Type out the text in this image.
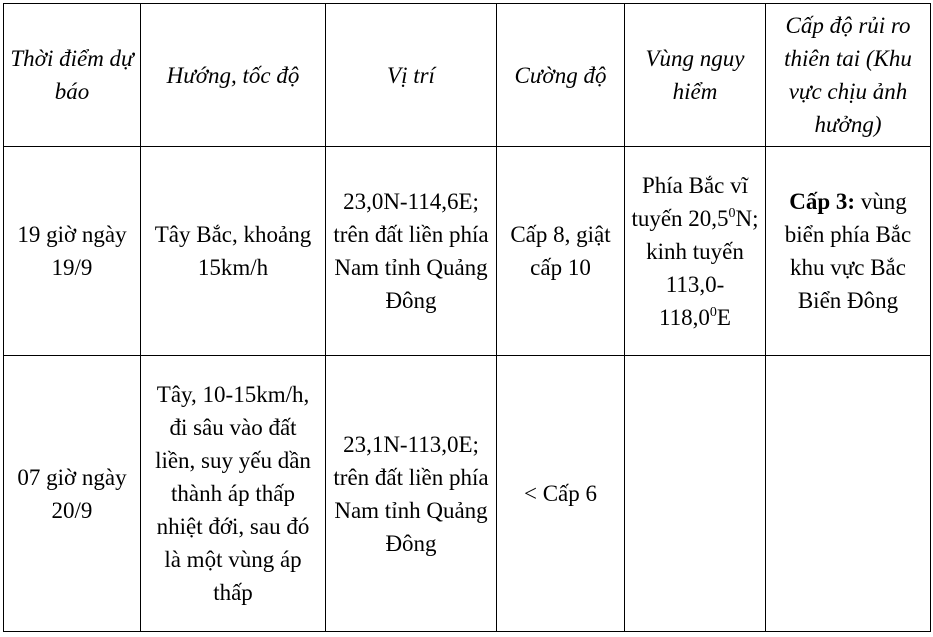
Thời điểm dự báo	Hướng, tốc độ	Vị trí	Cường độ	Vùng nguy hiểm	Cấp độ rủi ro thiên tai (Khu vực chịu ảnh hưởng)
19 giờ ngày 19/9	Tây Bắc, khoảng 15km/h	23,0N-114,6E; trên đất liền phía Nam tỉnh Quảng Đông	Cấp 8, giật cấp 10	Phía Bắc vĩ tuyến 20,5$^0$N; kinh tuyến 113,0-118,0$^0$E	Cấp 3: vùng biển phía Bắc khu vực Bắc Biển Đông
07 giờ ngày 20/9	Tây, 10-15km/h, đi sâu vào đất liền, suy yếu dần thành áp thấp nhiệt đới, sau đó là một vùng áp thấp	23,1N-113,0E; trên đất liền phía Nam tỉnh Quảng Đông	< Cấp 6		
